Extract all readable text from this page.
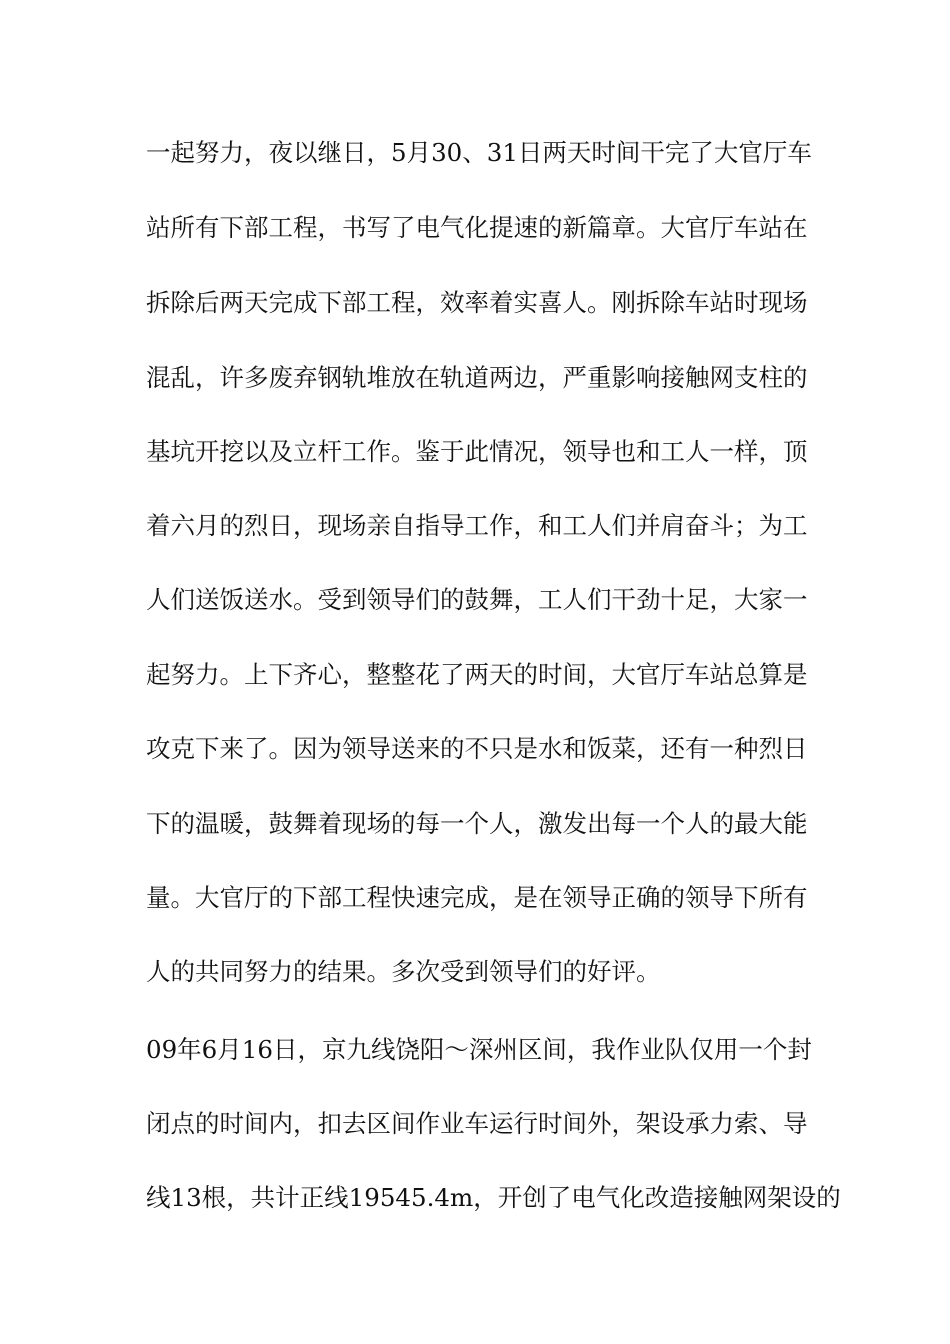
一起努力，夜以继日，5月30、31日两天时间干完了大官厅车
站所有下部工程，书写了电气化提速的新篇章。大官厅车站在
拆除后两天完成下部工程，效率着实喜人。刚拆除车站时现场
混乱，许多废弃钢轨堆放在轨道两边，严重影响接触网支柱的
基坑开挖以及立杆工作。鉴于此情况，领导也和工人一样，顶
着六月的烈日，现场亲自指导工作，和工人们并肩奋斗；为工
人们送饭送水。受到领导们的鼓舞，工人们干劲十足，大家一
起努力。上下齐心，整整花了两天的时间，大官厅车站总算是
攻克下来了。因为领导送来的不只是水和饭菜，还有一种烈日
下的温暖，鼓舞着现场的每一个人，激发出每一个人的最大能
量。大官厅的下部工程快速完成，是在领导正确的领导下所有
人的共同努力的结果。多次受到领导们的好评。
09年6月16日，京九线饶阳～深州区间，我作业队仅用一个封
闭点的时间内，扣去区间作业车运行时间外，架设承力索、导
线13根，共计正线19545.4m，开创了电气化改造接触网架设的
